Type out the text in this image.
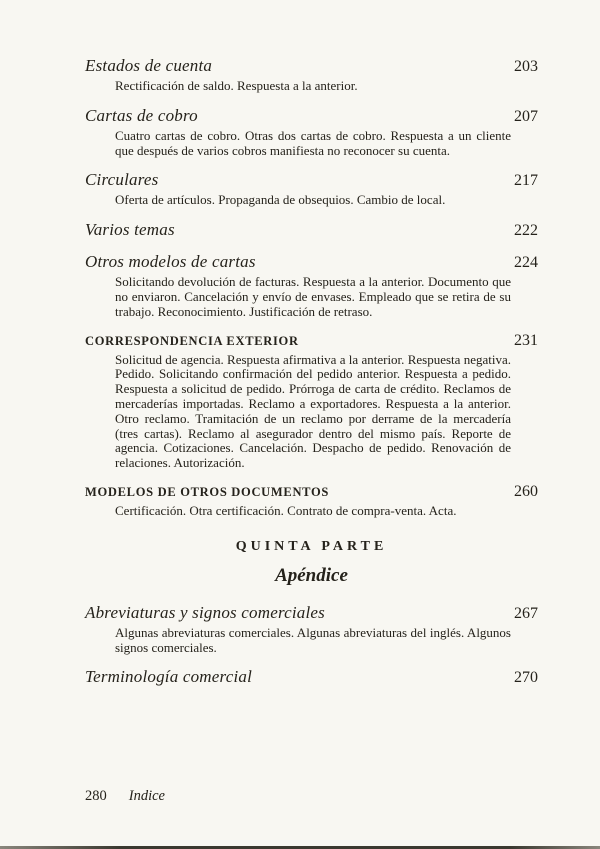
Estados de cuenta	203

Rectificación de saldo. Respuesta a la anterior.

Cartas de cobro	207

Cuatro cartas de cobro. Otras dos cartas de cobro. Respuesta a un cliente que después de varios cobros manifiesta no reconocer su cuenta.

Circulares	217

Oferta de artículos. Propaganda de obsequios. Cambio de local.

Varios temas	222
Otros modelos de cartas	224

Solicitando devolución de facturas. Respuesta a la anterior. Documento que no enviaron. Cancelación y envío de envases. Empleado que se retira de su trabajo. Reconocimiento. Justificación de retraso.

CORRESPONDENCIA EXTERIOR	231

Solicitud de agencia. Respuesta afirmativa a la anterior. Respuesta negativa. Pedido. Solicitando confirmación del pedido anterior. Respuesta a pedido. Respuesta a solicitud de pedido. Prórroga de carta de crédito. Reclamos de mercaderías importadas. Reclamo a exportadores. Respuesta a la anterior. Otro reclamo. Tramitación de un reclamo por derrame de la mercadería (tres cartas). Reclamo al asegurador dentro del mismo país. Reporte de agencia. Cotizaciones. Cancelación. Despacho de pedido. Renovación de relaciones. Autorización.

MODELOS DE OTROS DOCUMENTOS	260

Certificación. Otra certificación. Contrato de compra-venta. Acta.

QUINTA PARTE
Apéndice
Abreviaturas y signos comerciales	267

Algunas abreviaturas comerciales. Algunas abreviaturas del inglés. Algunos signos comerciales.

Terminología comercial	270
280 Indice
